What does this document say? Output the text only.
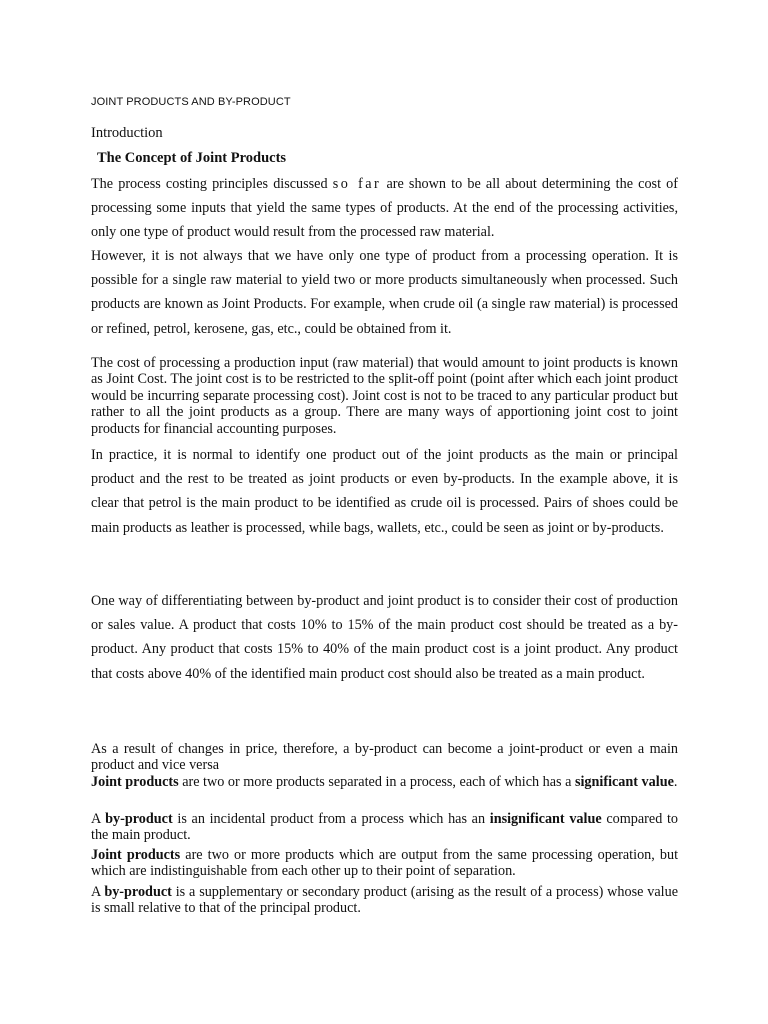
JOINT PRODUCTS AND BY-PRODUCT

Introduction

The Concept of Joint Products

The process costing principles discussed so far are shown to be all about determining the cost of processing some inputs that yield the same types of products. At the end of the processing activities, only one type of product would result from the processed raw material.

However, it is not always that we have only one type of product from a processing operation. It is possible for a single raw material to yield two or more products simultaneously when processed. Such products are known as Joint Products. For example, when crude oil (a single raw material) is processed or refined, petrol, kerosene, gas, etc., could be obtained from it.

The cost of processing a production input (raw material) that would amount to joint products is known as Joint Cost. The joint cost is to be restricted to the split-off point (point after which each joint product would be incurring separate processing cost). Joint cost is not to be traced to any particular product but rather to all the joint products as a group. There are many ways of apportioning joint cost to joint products for financial accounting purposes.

In practice, it is normal to identify one product out of the joint products as the main or principal product and the rest to be treated as joint products or even by-products. In the example above, it is clear that petrol is the main product to be identified as crude oil is processed. Pairs of shoes could be main products as leather is processed, while bags, wallets, etc., could be seen as joint or by-products.

One way of differentiating between by-product and joint product is to consider their cost of production or sales value. A product that costs 10% to 15% of the main product cost should be treated as a by-product. Any product that costs 15% to 40% of the main product cost is a joint product. Any product that costs above 40% of the identified main product cost should also be treated as a main product.

As a result of changes in price, therefore, a by-product can become a joint-product or even a main product and vice versa

Joint products are two or more products separated in a process, each of which has a significant value.

A by-product is an incidental product from a process which has an insignificant value compared to the main product.

Joint products are two or more products which are output from the same processing operation, but which are indistinguishable from each other up to their point of separation.

A by-product is a supplementary or secondary product (arising as the result of a process) whose value is small relative to that of the principal product.
